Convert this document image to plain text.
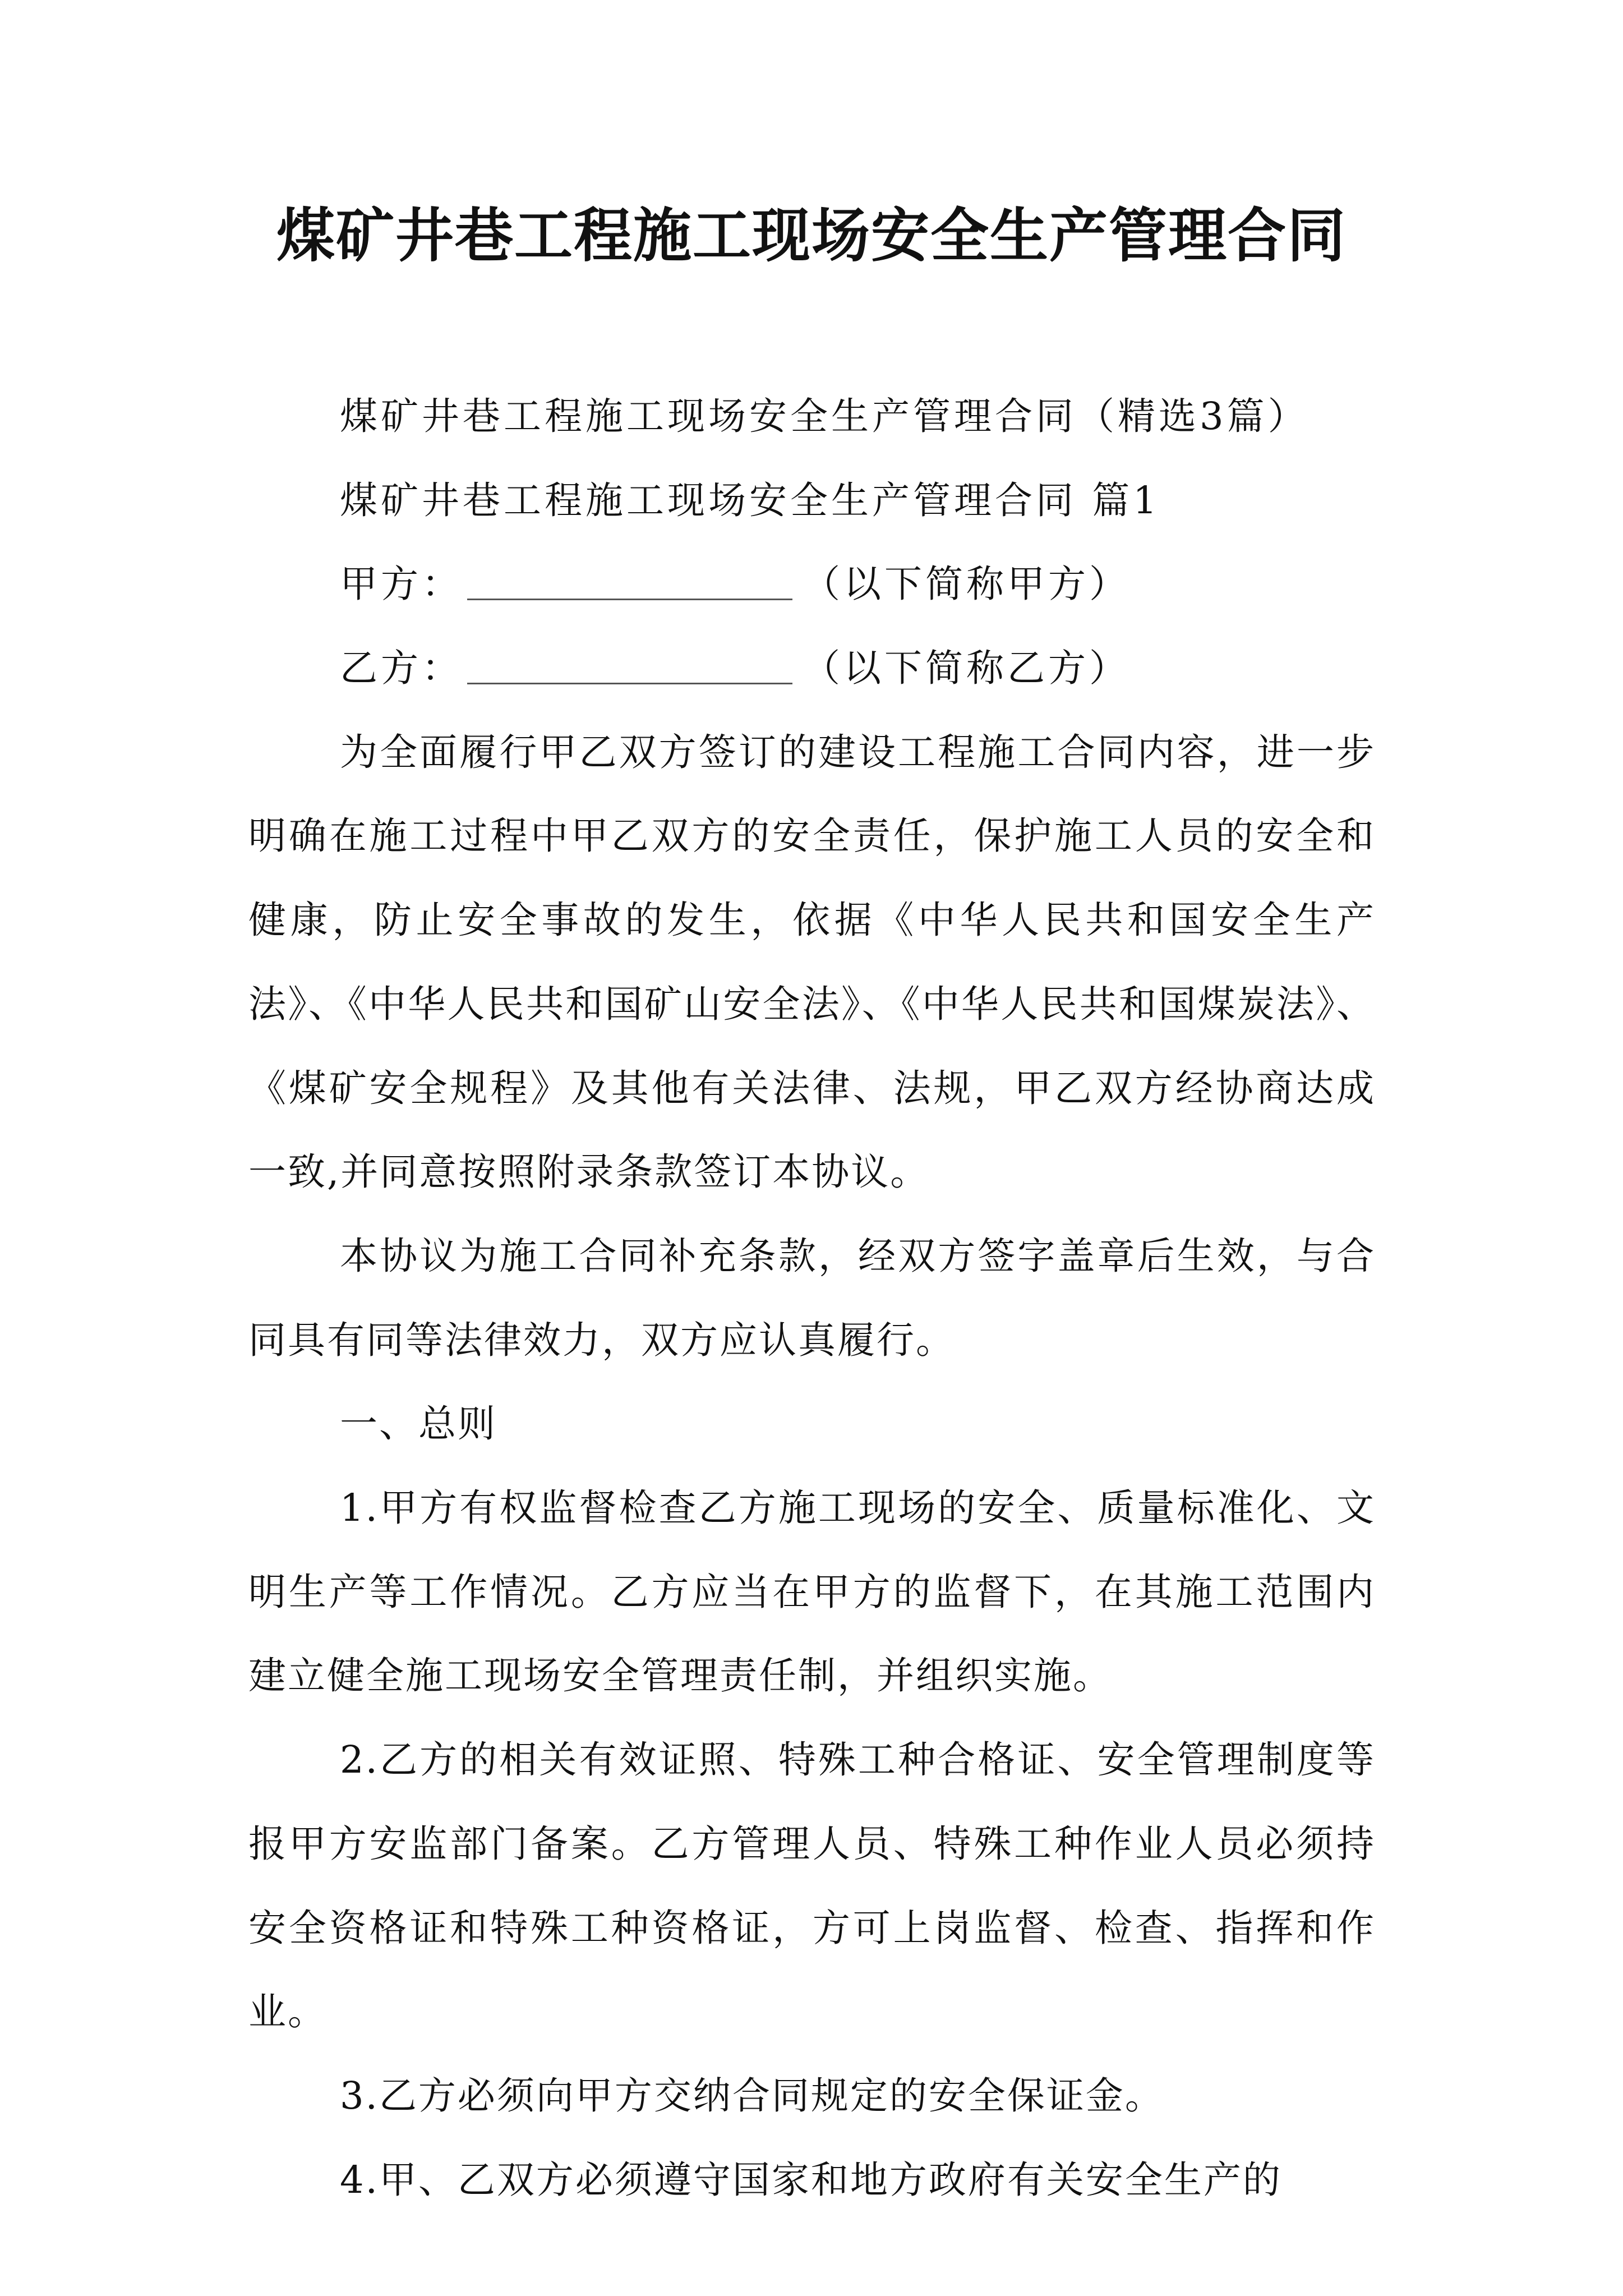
煤矿井巷工程施工现场安全生产管理合同
煤矿井巷工程施工现场安全生产管理合同（精选3篇）
煤矿井巷工程施工现场安全生产管理合同 篇1
甲方：	（以下简称甲方）
乙方：	（以下简称乙方）

为全面履行甲乙双方签订的建设工程施工合同内容，进一步明确在施工过程中甲乙双方的安全责任，保护施工人员的安全和健康，防止安全事故的发生，依据《中华人民共和国安全生产法》、《中华人民共和国矿山安全法》、《中华人民共和国煤炭法》、《煤矿安全规程》及其他有关法律、法规，甲乙双方经协商达成一致,并同意按照附录条款签订本协议。

本协议为施工合同补充条款，经双方签字盖章后生效，与合同具有同等法律效力，双方应认真履行。

一、总则

1.甲方有权监督检查乙方施工现场的安全、质量标准化、文明生产等工作情况。乙方应当在甲方的监督下，在其施工范围内建立健全施工现场安全管理责任制，并组织实施。

2.乙方的相关有效证照、特殊工种合格证、安全管理制度等报甲方安监部门备案。乙方管理人员、特殊工种作业人员必须持安全资格证和特殊工种资格证，方可上岗监督、检查、指挥和作业。

3.乙方必须向甲方交纳合同规定的安全保证金。

4.甲、乙双方必须遵守国家和地方政府有关安全生产的
